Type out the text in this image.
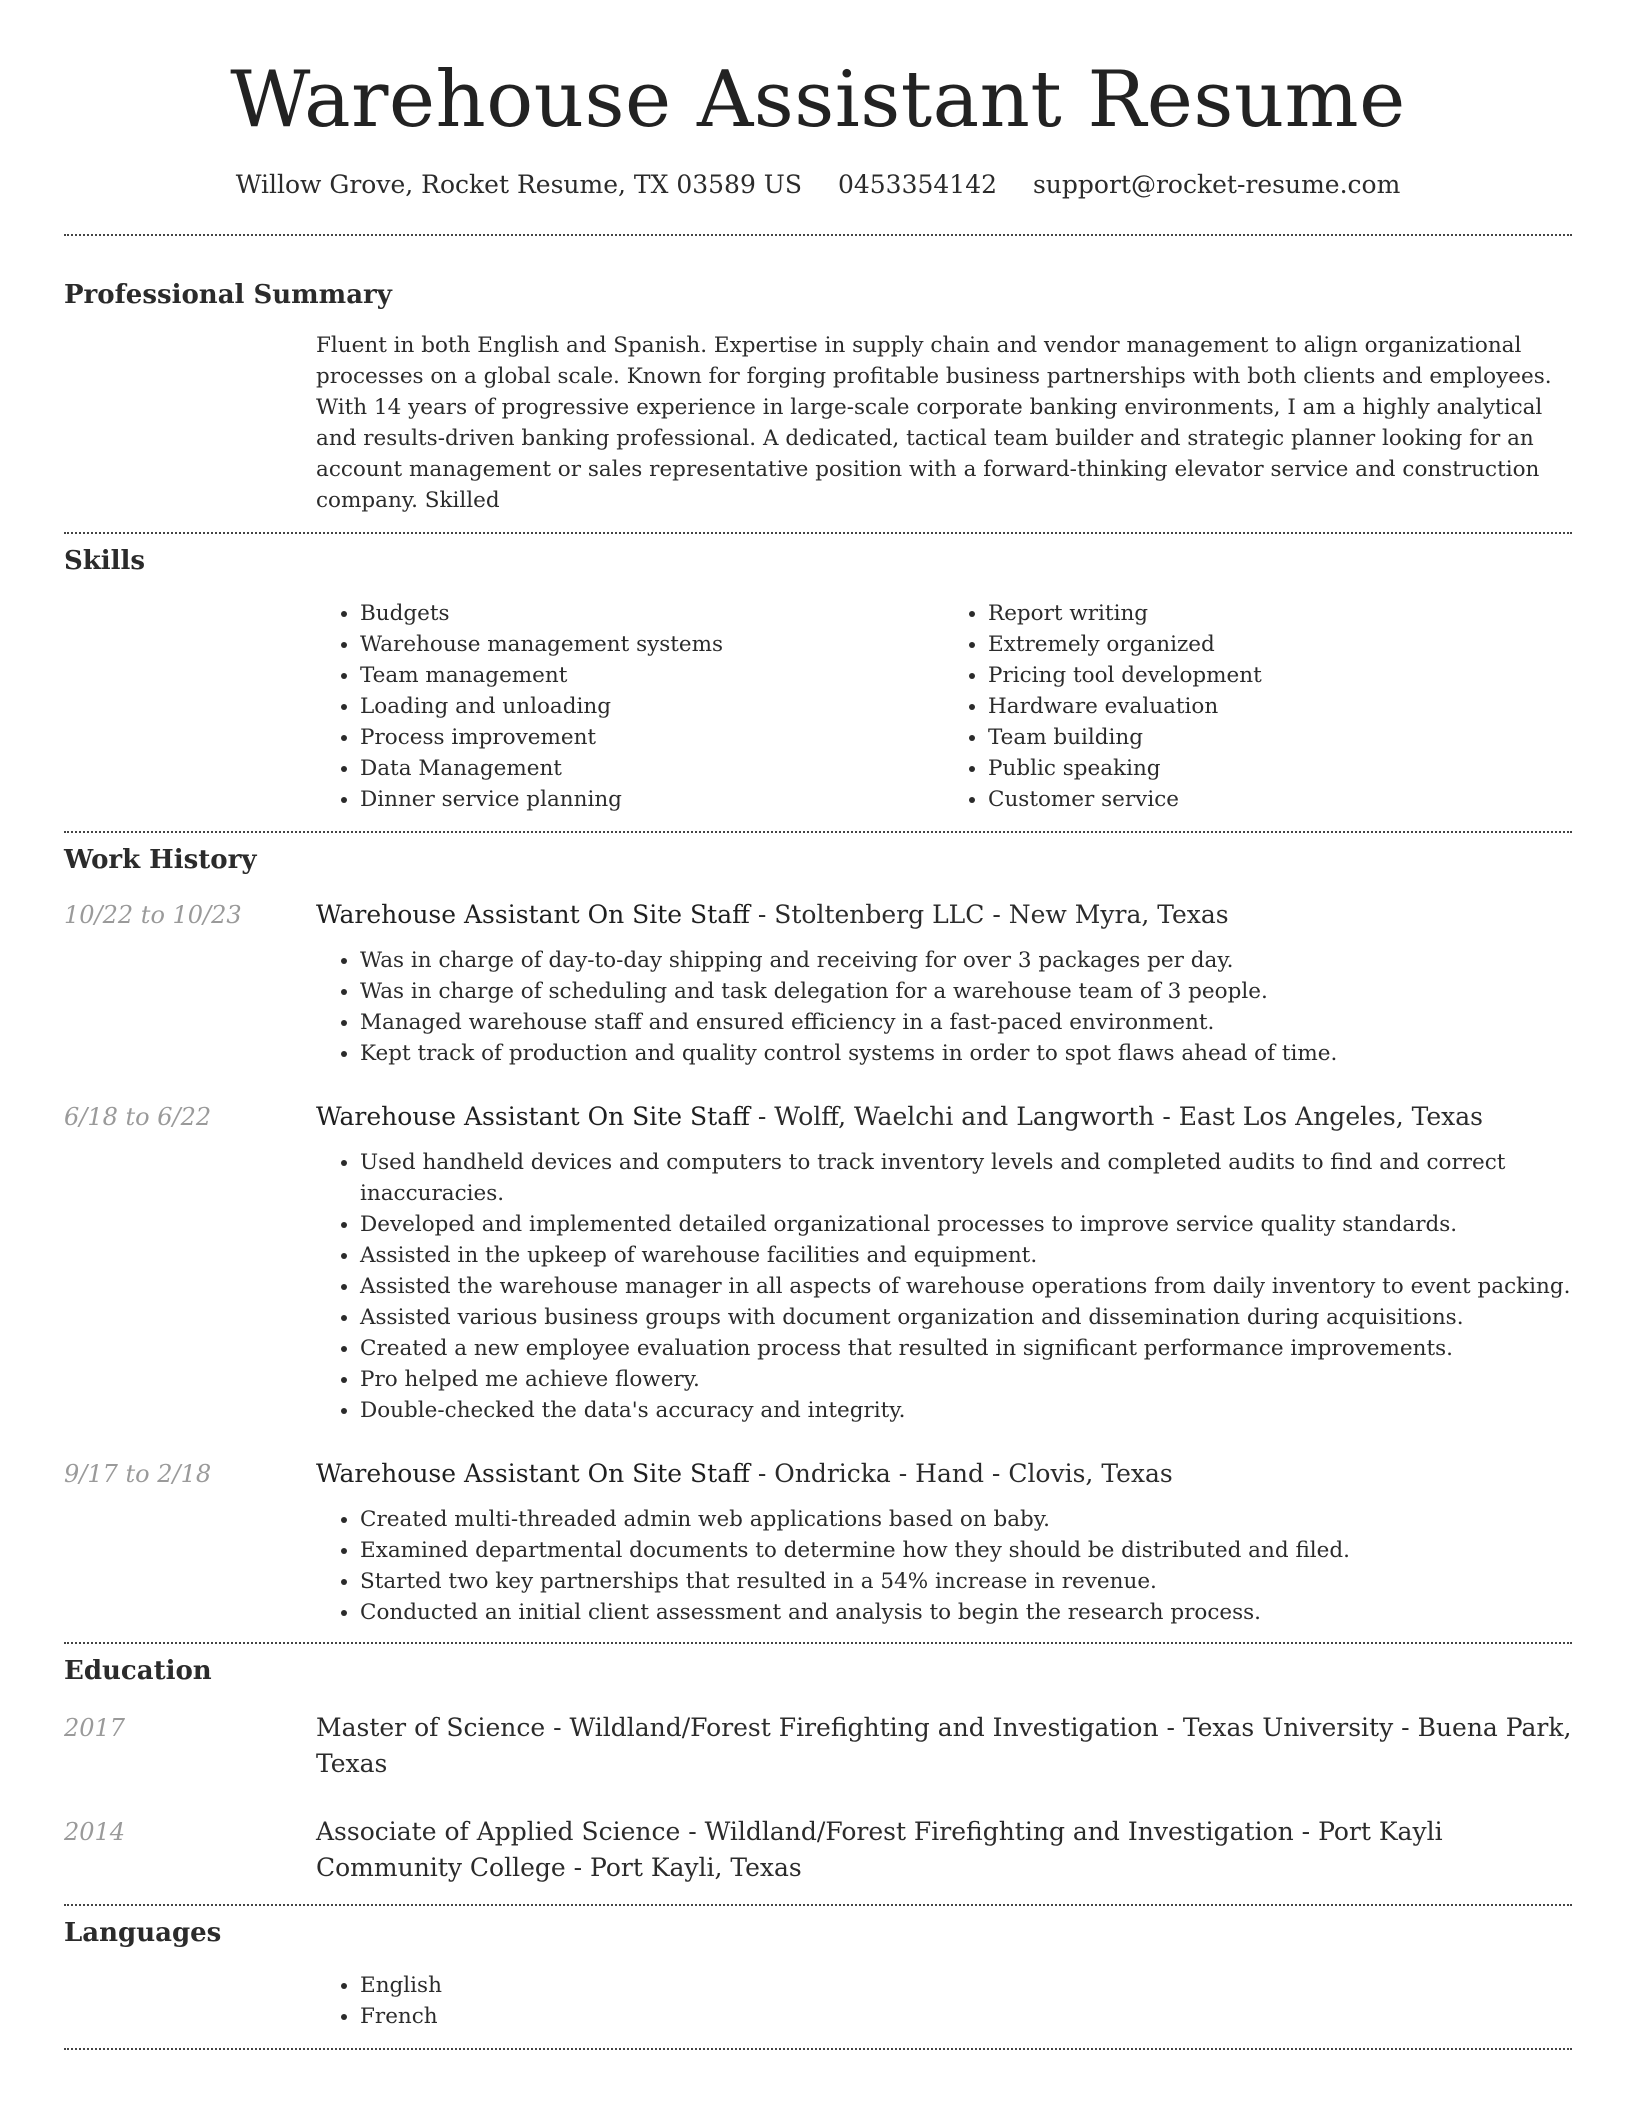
Warehouse Assistant Resume
Willow Grove, Rocket Resume, TX 03589 US 0453354142 support@rocket-resume.com
Professional Summary

Fluent in both English and Spanish. Expertise in supply chain and vendor management to align organizational processes on a global scale. Known for forging profitable business partnerships with both clients and employees. With 14 years of progressive experience in large-scale corporate banking environments, I am a highly analytical and results-driven banking professional. A dedicated, tactical team builder and strategic planner looking for an account management or sales representative position with a forward-thinking elevator service and construction company. Skilled

Skills
• Budgets
• Warehouse management systems
• Team management
• Loading and unloading
• Process improvement
• Data Management
• Dinner service planning
• Report writing
• Extremely organized
• Pricing tool development
• Hardware evaluation
• Team building
• Public speaking
• Customer service
Work History
10/22 to 10/23	Warehouse Assistant On Site Staff - Stoltenberg LLC - New Myra, Texas

• Was in charge of day-to-day shipping and receiving for over 3 packages per day.
• Was in charge of scheduling and task delegation for a warehouse team of 3 people.
• Managed warehouse staff and ensured efficiency in a fast-paced environment.
• Kept track of production and quality control systems in order to spot flaws ahead of time.
6/18 to 6/22	Warehouse Assistant On Site Staff - Wolff, Waelchi and Langworth - East Los Angeles, Texas

• Used handheld devices and computers to track inventory levels and completed audits to find and correct inaccuracies.
• Developed and implemented detailed organizational processes to improve service quality standards.
• Assisted in the upkeep of warehouse facilities and equipment.
• Assisted the warehouse manager in all aspects of warehouse operations from daily inventory to event packing.
• Assisted various business groups with document organization and dissemination during acquisitions.
• Created a new employee evaluation process that resulted in significant performance improvements.
• Pro helped me achieve flowery.
• Double-checked the data's accuracy and integrity.
9/17 to 2/18	Warehouse Assistant On Site Staff - Ondricka - Hand - Clovis, Texas

• Created multi-threaded admin web applications based on baby.
• Examined departmental documents to determine how they should be distributed and filed.
• Started two key partnerships that resulted in a 54% increase in revenue.
• Conducted an initial client assessment and analysis to begin the research process.
Education
2017	Master of Science - Wildland/Forest Firefighting and Investigation - Texas University - Buena Park, Texas

2014	Associate of Applied Science - Wildland/Forest Firefighting and Investigation - Port Kayli Community College - Port Kayli, Texas

Languages
• English
• French
